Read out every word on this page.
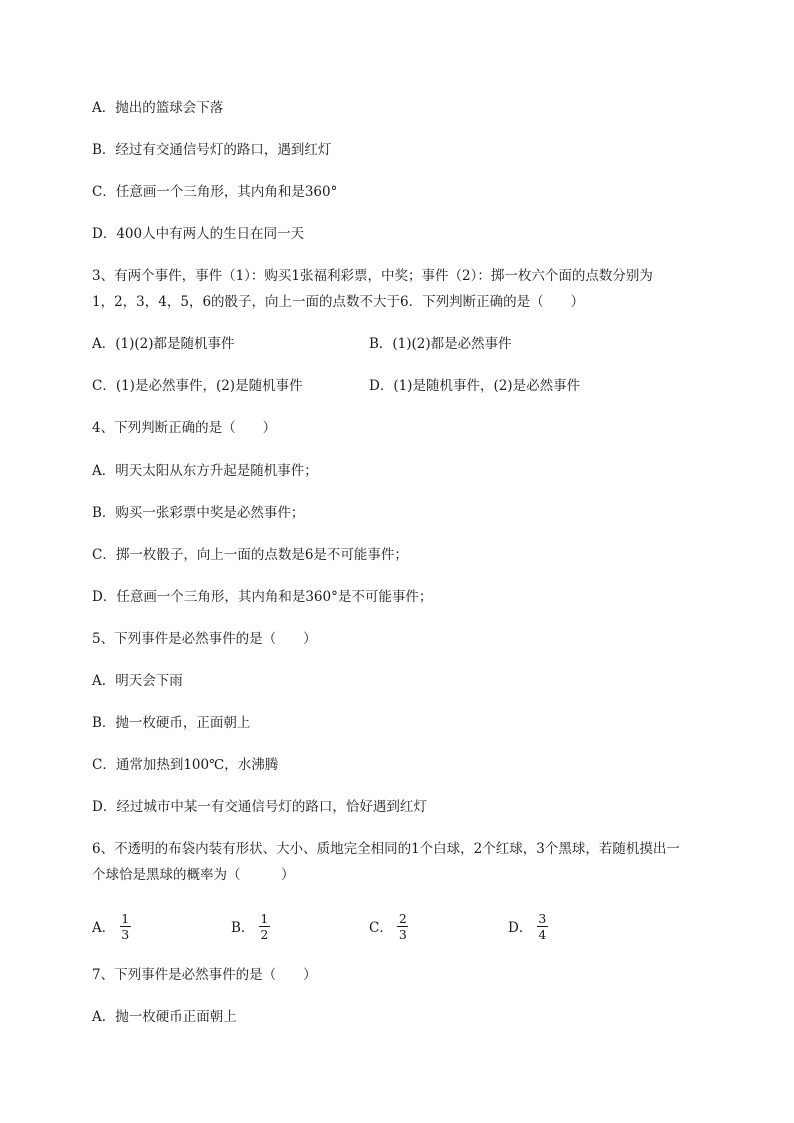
A．抛出的篮球会下落
B．经过有交通信号灯的路口，遇到红灯
C．任意画一个三角形，其内角和是360°
D．400人中有两人的生日在同一天
3、有两个事件，事件（1）：购买1张福利彩票，中奖；事件（2）：掷一枚六个面的点数分别为
1，2，3，4，5，6的骰子，向上一面的点数不大于6．下列判断正确的是（　　）
A．(1)(2)都是随机事件	B．(1)(2)都是必然事件
C．(1)是必然事件，(2)是随机事件	D．(1)是随机事件，(2)是必然事件
4、下列判断正确的是（　　）
A．明天太阳从东方升起是随机事件；
B．购买一张彩票中奖是必然事件；
C．掷一枚骰子，向上一面的点数是6是不可能事件；
D．任意画一个三角形，其内角和是360°是不可能事件；
5、下列事件是必然事件的是（　　）
A．明天会下雨
B．抛一枚硬币，正面朝上
C．通常加热到100℃，水沸腾
D．经过城市中某一有交通信号灯的路口，恰好遇到红灯
6、不透明的布袋内装有形状、大小、质地完全相同的1个白球，2个红球，3个黑球，若随机摸出一
个球恰是黑球的概率为（　　　）
A． $\frac{1}{3}$	B． $\frac{1}{2}$	C． $\frac{2}{3}$	D． $\frac{3}{4}$
7、下列事件是必然事件的是（　　）
A．抛一枚硬币正面朝上
